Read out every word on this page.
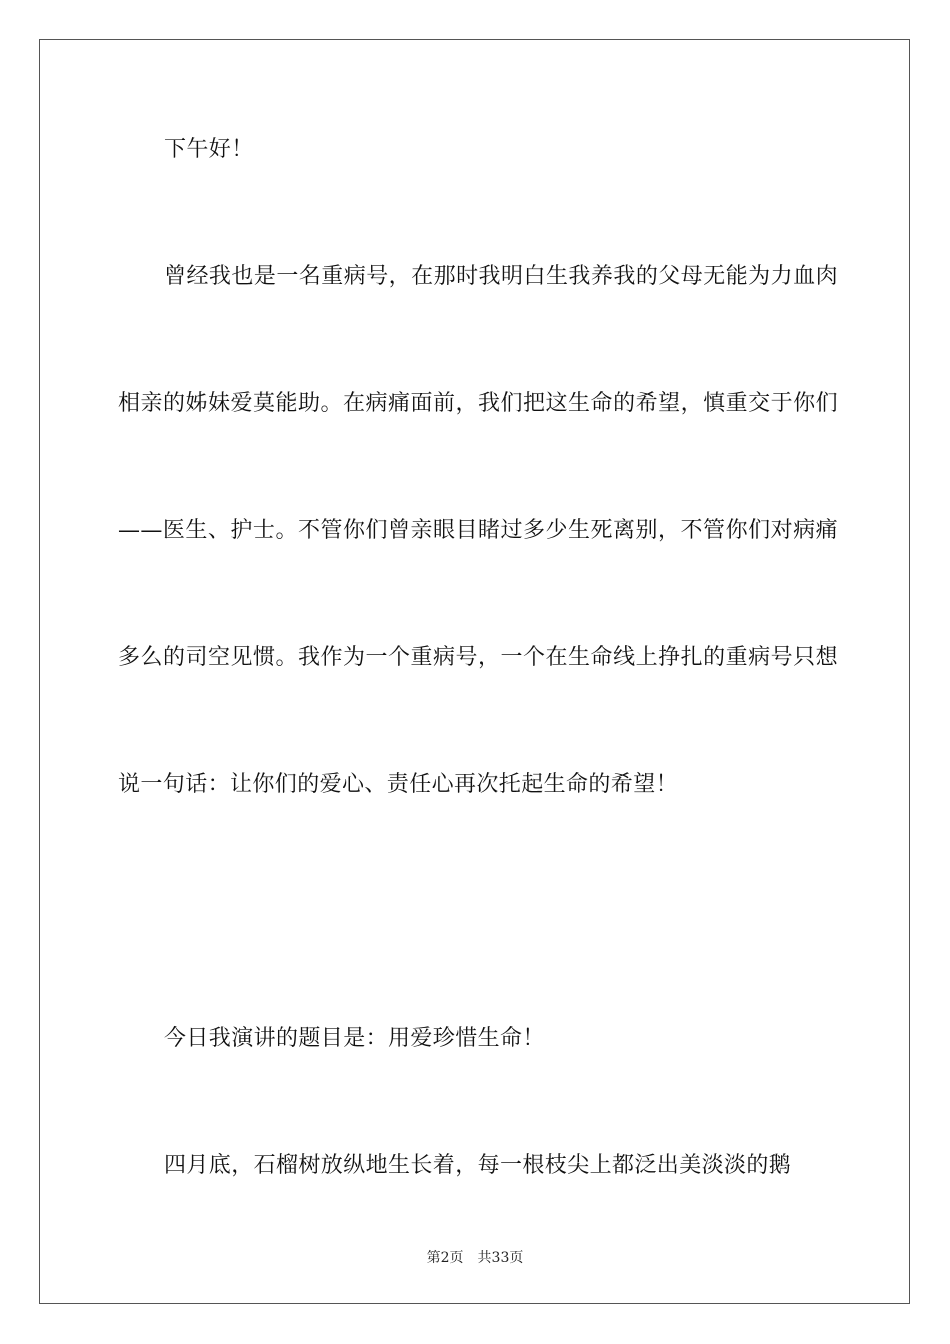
下午好！

曾经我也是一名重病号，在那时我明白生我养我的父母无能为力血肉相亲的姊妹爱莫能助。在病痛面前，我们把这生命的希望，慎重交于你们——医生、护士。不管你们曾亲眼目睹过多少生死离别，不管你们对病痛多么的司空见惯。我作为一个重病号，一个在生命线上挣扎的重病号只想说一句话：让你们的爱心、责任心再次托起生命的希望！

今日我演讲的题目是：用爱珍惜生命！

四月底，石榴树放纵地生长着，每一根枝尖上都泛出美淡淡的鹅

第2页 共33页
